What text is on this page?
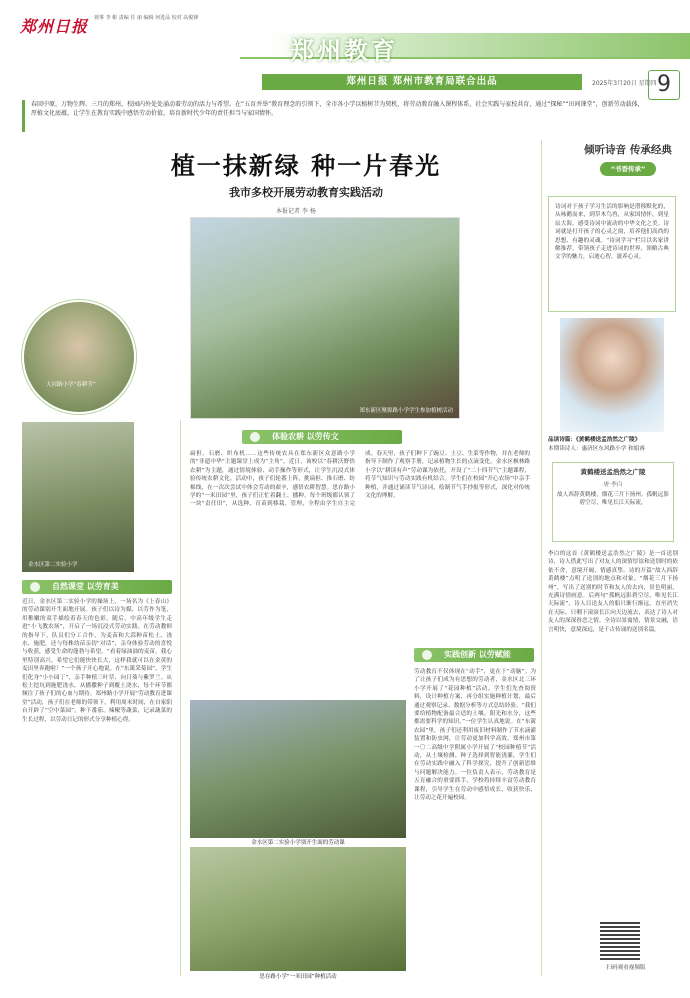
郑州日报 视事 李 彬 责编 任 丽 编辑 何进品 校对 高俊锋
郑州教育
郑州日报 郑州市教育局联合出品	2025年3月20日 星期四 9
春回中原，万物生辉。三月的郑州，校园内外处处涌动着劳动的活力与希望。在“五育并举”教育理念的引领下，全市各小学以植树节为契机，将劳动教育融入课程体系，社会实践与家校共育，通过“探秘”“田间课堂”，创新劳动载体，厚植文化底蕴，让学生在教育实践中感悟劳动价值，培育新时代少年的责任担当与家国情怀。
植一抹新绿 种一片春光
我市多校开展劳动教育实践活动
本报记者 李 杨
郑东新区聚源路小学学生参加植树活动
大河路小学“春耕节”
金水区第二实验小学
自然课堂 以劳育美
近日，金水区第二实验小学的操场上，一场名为《上春山》的劳动课别开生面地开展。孩子们以诗为媒，以劳作为笔，用稚嫩的双手描绘着春天的色彩。随后，中高年级学生走进“小飞教农场”，开启了一场沉浸式劳动实践。在劳动教师的指导下，队员们分工合作，为麦苗和大蒜种苗松土、浇水、施肥，还与每株幼苗亲切“对话”，亲身体验劳动的喜悦与收获，感受生命的蓬勃与希望。“看着绿油油的麦苗，我心里特别高兴。希望它们能快快长大，这样我就可以在金黄的麦田里奔跑啦！”一个孩子开心地说。在“东篱采菊园”，学生们化身“小小园丁”，亲手种植三叶草、向日葵与紫罗兰。从松土挖坑到施肥浇水，从播撒种子到覆土浇水，每个环节都倾注了孩子们的心血与期待。郑州路小学开展“劳动教育进课堂”活动，孩子们在老师的带领下，利用周末时间，在自家阳台开辟了“空中菜园”，种下番茄、辣椒等蔬菜，记录蔬菜的生长过程，以劳动日记的形式分享种植心得。
体验农耕 以劳传文
扁担、石磨、织布机……这些传统农具在郑东新区众意路小学的“非遗中华”主题课堂上成为“主角”。近日，该校以“春耕沃野悟农耕”为主题，通过情境体验、动手操作等形式，让学生沉浸式体验传统农耕文化。活动中，孩子们轮番上阵，挑扁担、推石磨、纺棉线，在一次次尝试中体会劳动的艰辛，感悟农耕智慧。思存路小学的“一米田园”里，孩子们正忙着翻土、播种。每个班级都认领了一块“责任田”，从选种、育苗到移栽、管理，全程由学生自主完成。春天里，孩子们种下了豌豆、土豆、生菜等作物，并在老师的指导下制作了观察手册，记录植物生长的点滴变化。金水区枫林路小学以“耕读有声”劳动课为依托，开设了“二十四节气”主题课程，将节气知识与劳动实践有机结合。学生们在校园“开心农场”中亲手种植，并通过诵读节气诗词、绘制节气手抄报等形式，深化对传统文化的理解。
实践创新 以劳赋能
劳动教育不仅体现在“动手”，更在于“动脑”。为了让孩子们成为有思想的劳动者，金水区北三环小学开展了“花园种植”活动。学生们先查阅资料，设计种植方案，再分组实施种植计划，最后通过观察记录、数据分析等方式总结经验。“我们要给植物配备最合适的土壤、阳光和水分，这些都需要科学的知识。”一位学生认真地说。在“东篱农园”里，孩子们还利用废旧材料制作了节水滴灌装置和防虫网，让劳动更加科学高效。郑州市第一〇二高级中学附属小学开展了“校园种植节”活动，从土壤检测、种子选择到智能浇灌，学生们在劳动实践中融入了科学探究，提升了创新思维与问题解决能力。一位负责人表示，劳动教育是五育融合的重要抓手，学校将持续丰富劳动教育课程，引导学生在劳动中感悟成长、收获快乐，让劳动之花开遍校园。
金水区第二实验小学别开生面的劳动课
思存路小学“一米田园”种植活动
倾听诗音 传承经典
“书香传承”
诗词对于孩子学习生活的影响是潜移默化的，从咏鹅而来，到草木鸟兽，从家国情怀，到星辰大海，感受诗词中流动的中华文化之美。诗词就是打开孩子的心灵之窗，培养他们高尚的思想、有趣的灵魂。“诗词学习”栏目以名家讲解推荐，带领孩子走进诗词的世界，领略古典文学的魅力，启迪心智，滋养心灵。
品读诗篇：《黄鹤楼送孟浩然之广陵》
本期读诗人：惠济区东风路小学 和娟睿
黄鹤楼送孟浩然之广陵
唐·李白
故人西辞黄鹤楼，烟花三月下扬州。孤帆远影碧空尽，唯见长江天际流。
李白的这首《黄鹤楼送孟浩然之广陵》是一首送别诗，诗人借此写出了对友人的深情厚谊和送别时的依依不舍，意境开阔，情感真挚。诗的开篇“故人西辞黄鹤楼”点明了送别的地点和对象。“烟花三月下扬州”，写出了送别的时节和友人的去向，景色明丽，充满诗情画意。后两句“孤帆远影碧空尽，唯见长江天际流”，诗人目送友人的船只渐行渐远，直至消失在天际，只剩下滚滚长江向天边流去，表达了诗人对友人的深深眷恋之情。全诗以景寓情，情景交融，语言明快，意境深远，是千古传诵的送别名篇。
扫码观看视频版
